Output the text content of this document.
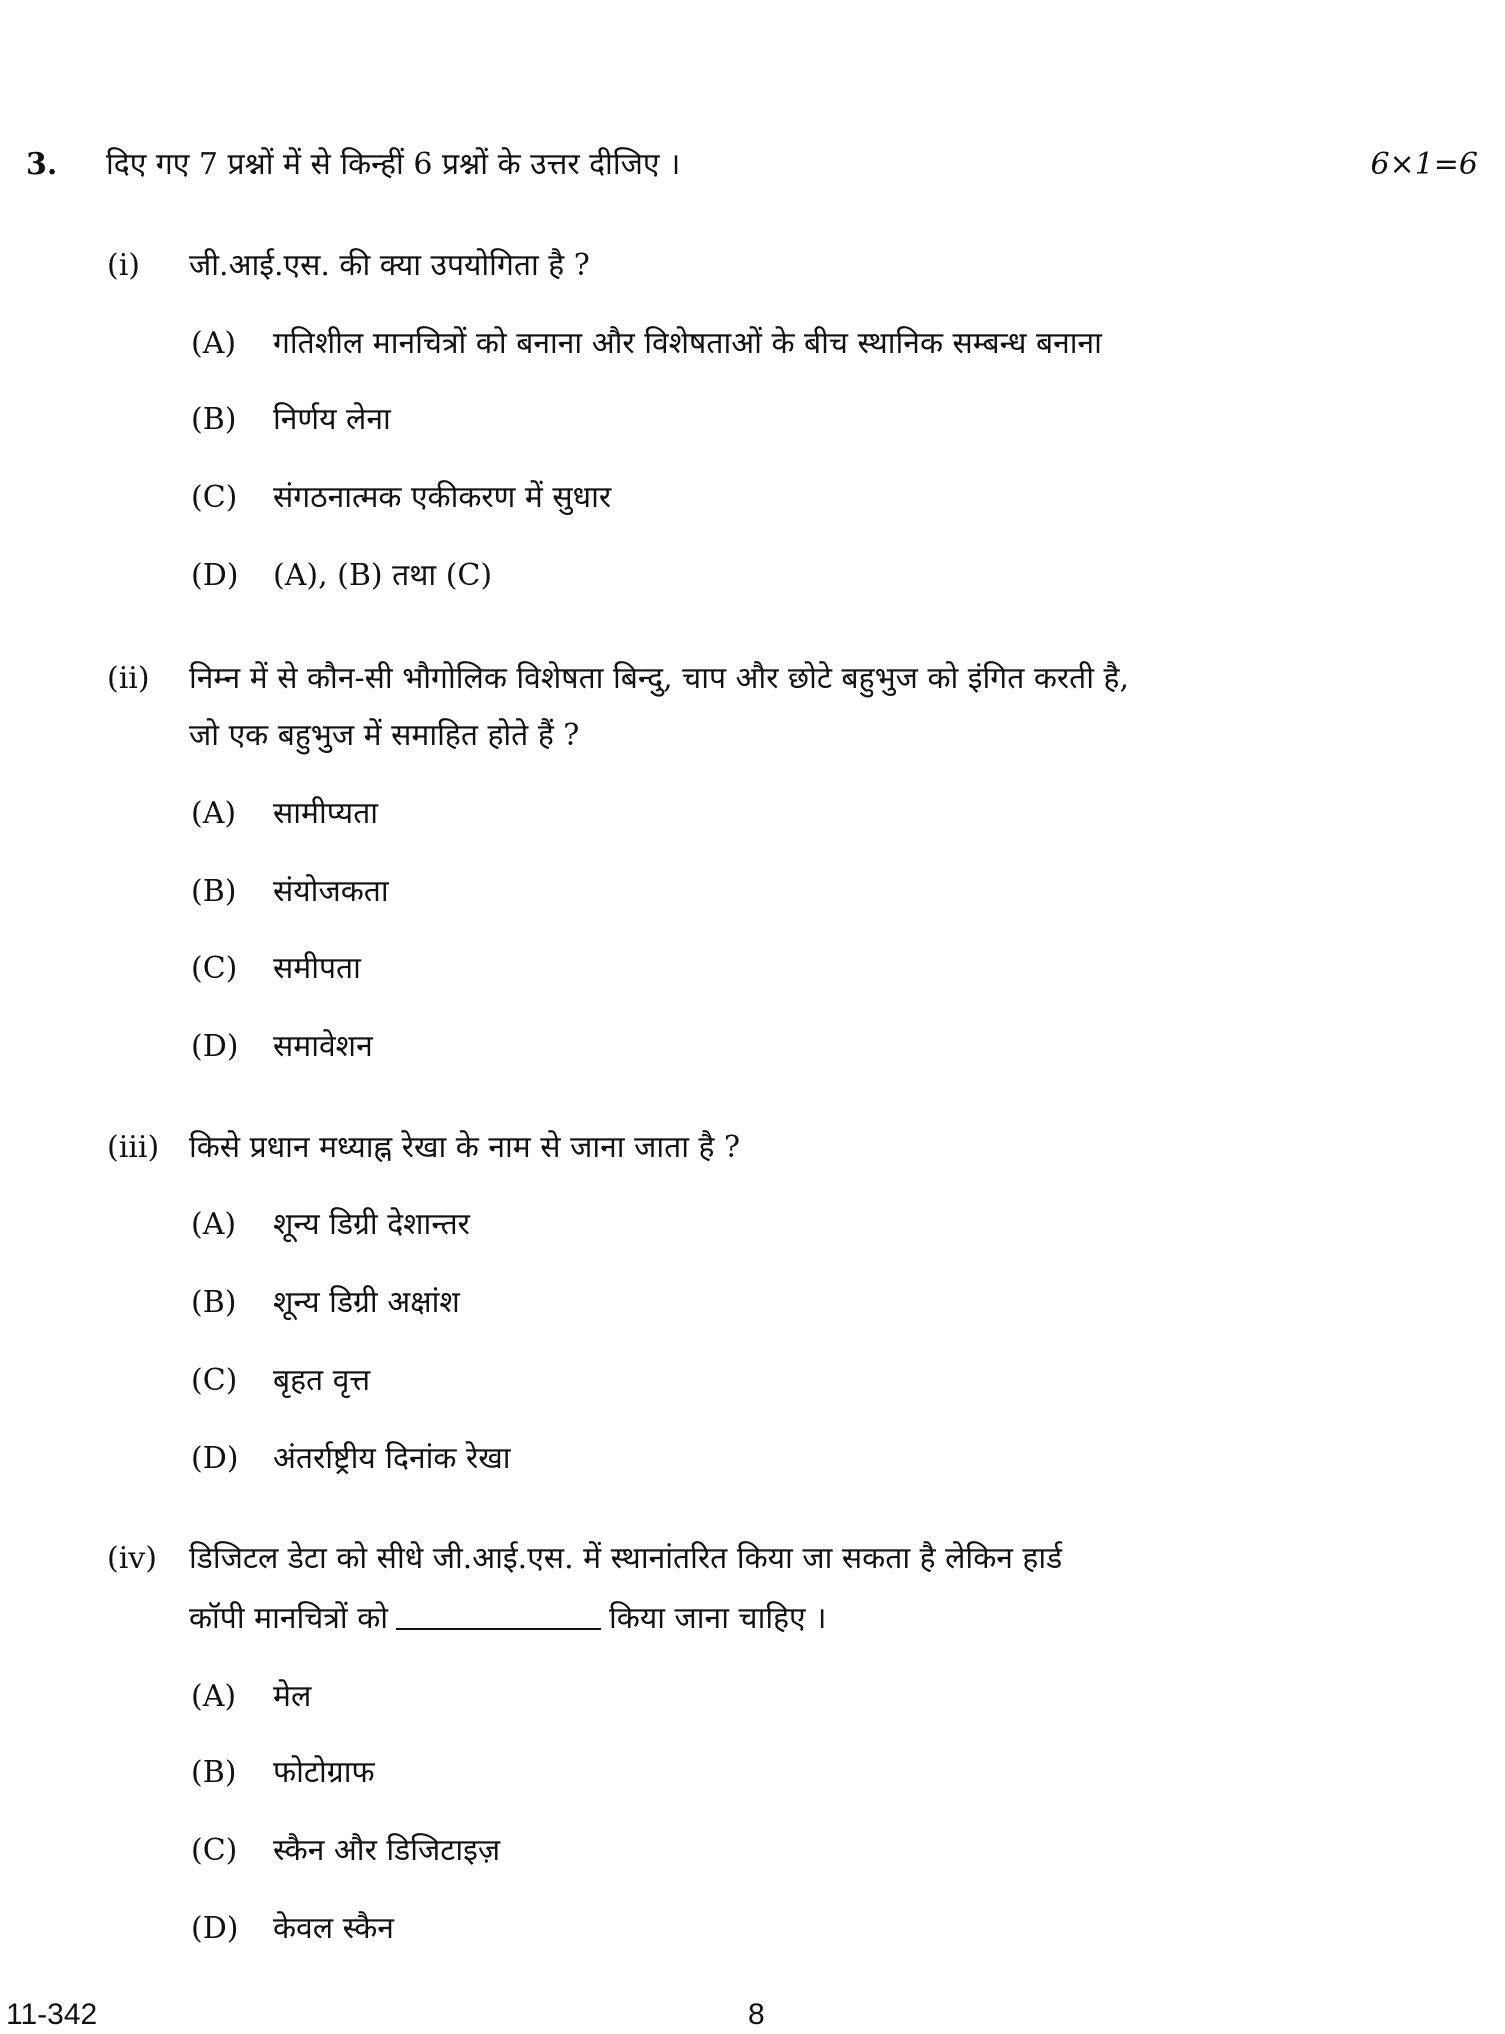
3. दिए गए 7 प्रश्नों में से किन्हीं 6 प्रश्नों के उत्तर दीजिए ।	6×1=6
(i) जी.आई.एस. की क्या उपयोगिता है ?
(A) गतिशील मानचित्रों को बनाना और विशेषताओं के बीच स्थानिक सम्बन्ध बनाना
(B) निर्णय लेना
(C) संगठनात्मक एकीकरण में सुधार
(D) (A), (B) तथा (C)
(ii) निम्न में से कौन-सी भौगोलिक विशेषता बिन्दु, चाप और छोटे बहुभुज को इंगित करती है,
जो एक बहुभुज में समाहित होते हैं ?
(A) सामीप्यता
(B) संयोजकता
(C) समीपता
(D) समावेशन
(iii) किसे प्रधान मध्याह्न रेखा के नाम से जाना जाता है ?
(A) शून्य डिग्री देशान्तर
(B) शून्य डिग्री अक्षांश
(C) बृहत वृत्त
(D) अंतर्राष्ट्रीय दिनांक रेखा
(iv) डिजिटल डेटा को सीधे जी.आई.एस. में स्थानांतरित किया जा सकता है लेकिन हार्ड
कॉपी मानचित्रों को	किया जाना चाहिए ।
(A) मेल
(B) फोटोग्राफ
(C) स्कैन और डिजिटाइज़
(D) केवल स्कैन
11-342	8
